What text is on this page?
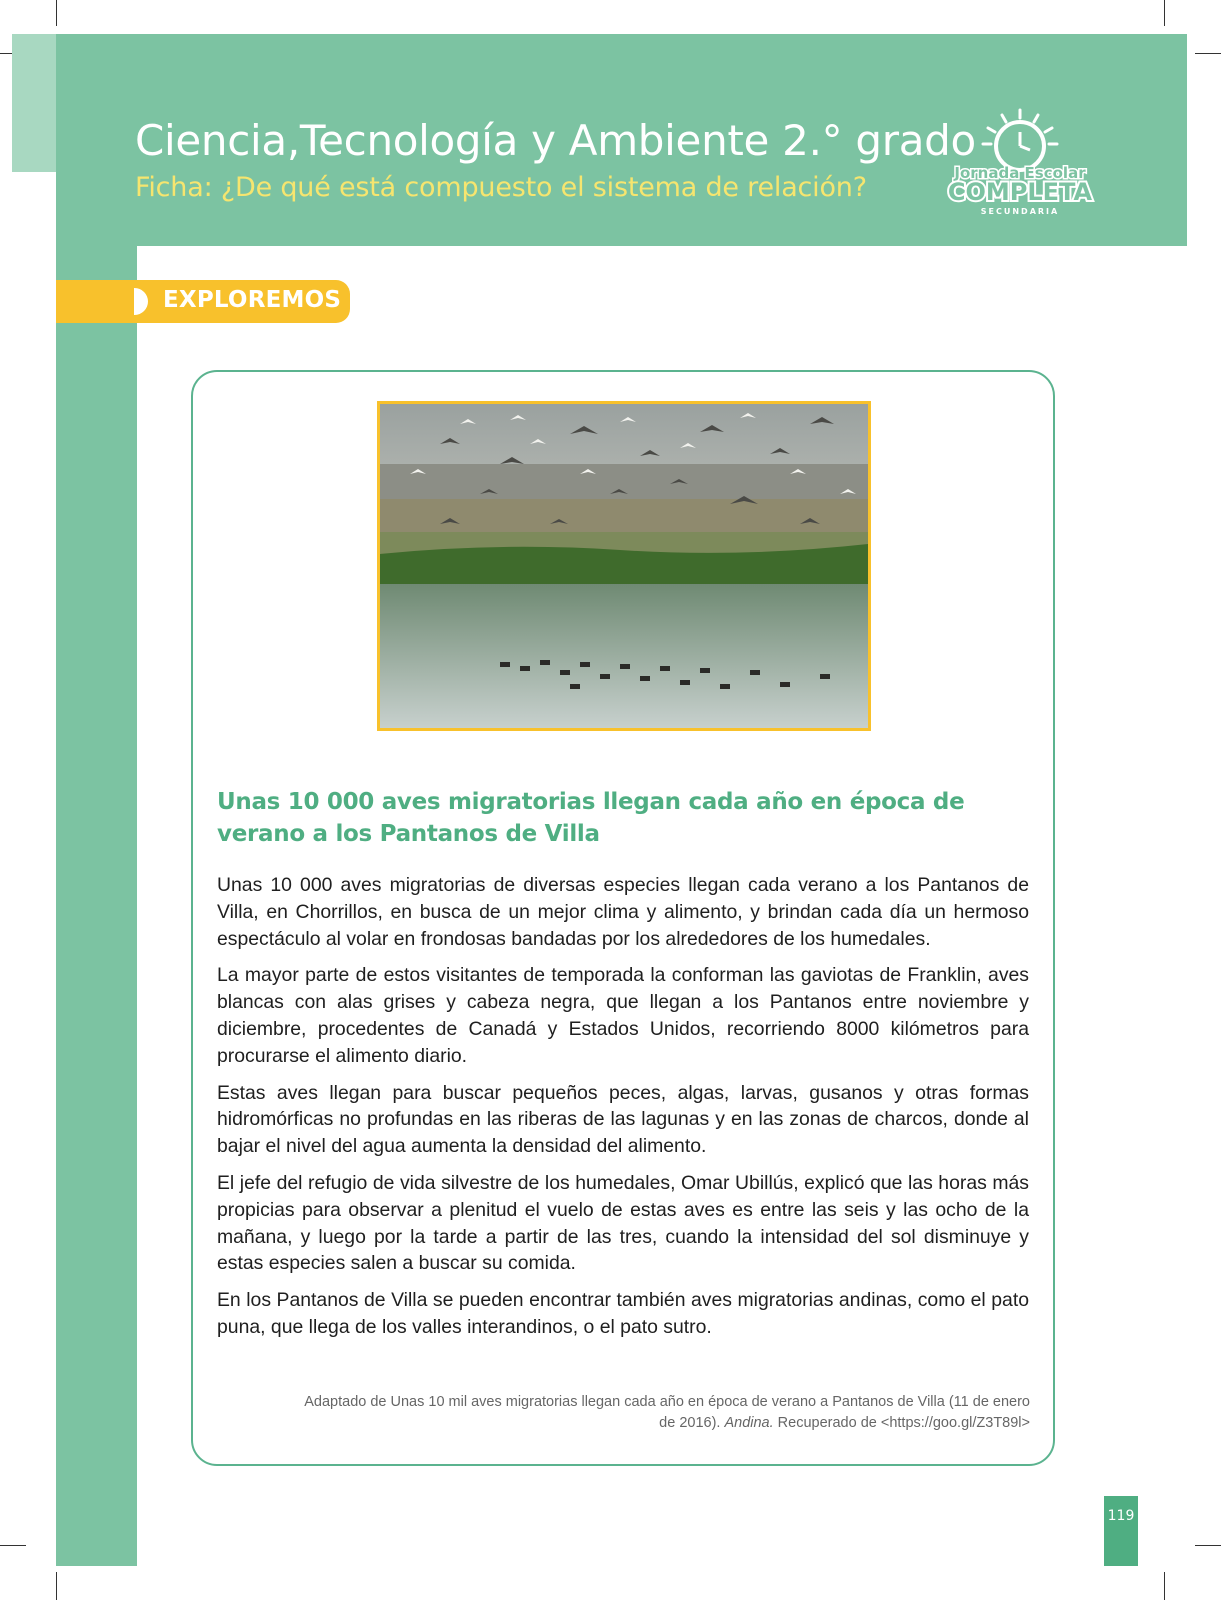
Ciencia,Tecnología y Ambiente 2.° grado
Ficha: ¿De qué está compuesto el sistema de relación?	Jornada Escolar
COMPLETA
SECUNDARIA
EXPLOREMOS
Unas 10 000 aves migratorias llegan cada año en época de verano a los Pantanos de Villa

Unas 10 000 aves migratorias de diversas especies llegan cada verano a los Pantanos de Villa, en Chorrillos, en busca de un mejor clima y alimento, y brindan cada día un hermoso espectáculo al volar en frondosas bandadas por los alrededores de los humedales.

La mayor parte de estos visitantes de temporada la conforman las gaviotas de Franklin, aves blancas con alas grises y cabeza negra, que llegan a los Pantanos entre noviembre y diciembre, procedentes de Canadá y Estados Unidos, recorriendo 8000 kilómetros para procurarse el alimento diario.

Estas aves llegan para buscar pequeños peces, algas, larvas, gusanos y otras formas hidromórficas no profundas en las riberas de las lagunas y en las zonas de charcos, donde al bajar el nivel del agua aumenta la densidad del alimento.

El jefe del refugio de vida silvestre de los humedales, Omar Ubillús, explicó que las horas más propicias para observar a plenitud el vuelo de estas aves es entre las seis y las ocho de la mañana, y luego por la tarde a partir de las tres, cuando la intensidad del sol disminuye y estas especies salen a buscar su comida.

En los Pantanos de Villa se pueden encontrar también aves migratorias andinas, como el pato puna, que llega de los valles interandinos, o el pato sutro.

Adaptado de Unas 10 mil aves migratorias llegan cada año en época de verano a Pantanos de Villa (11 de enero de 2016). Andina. Recuperado de <https://goo.gl/Z3T89l>
119
